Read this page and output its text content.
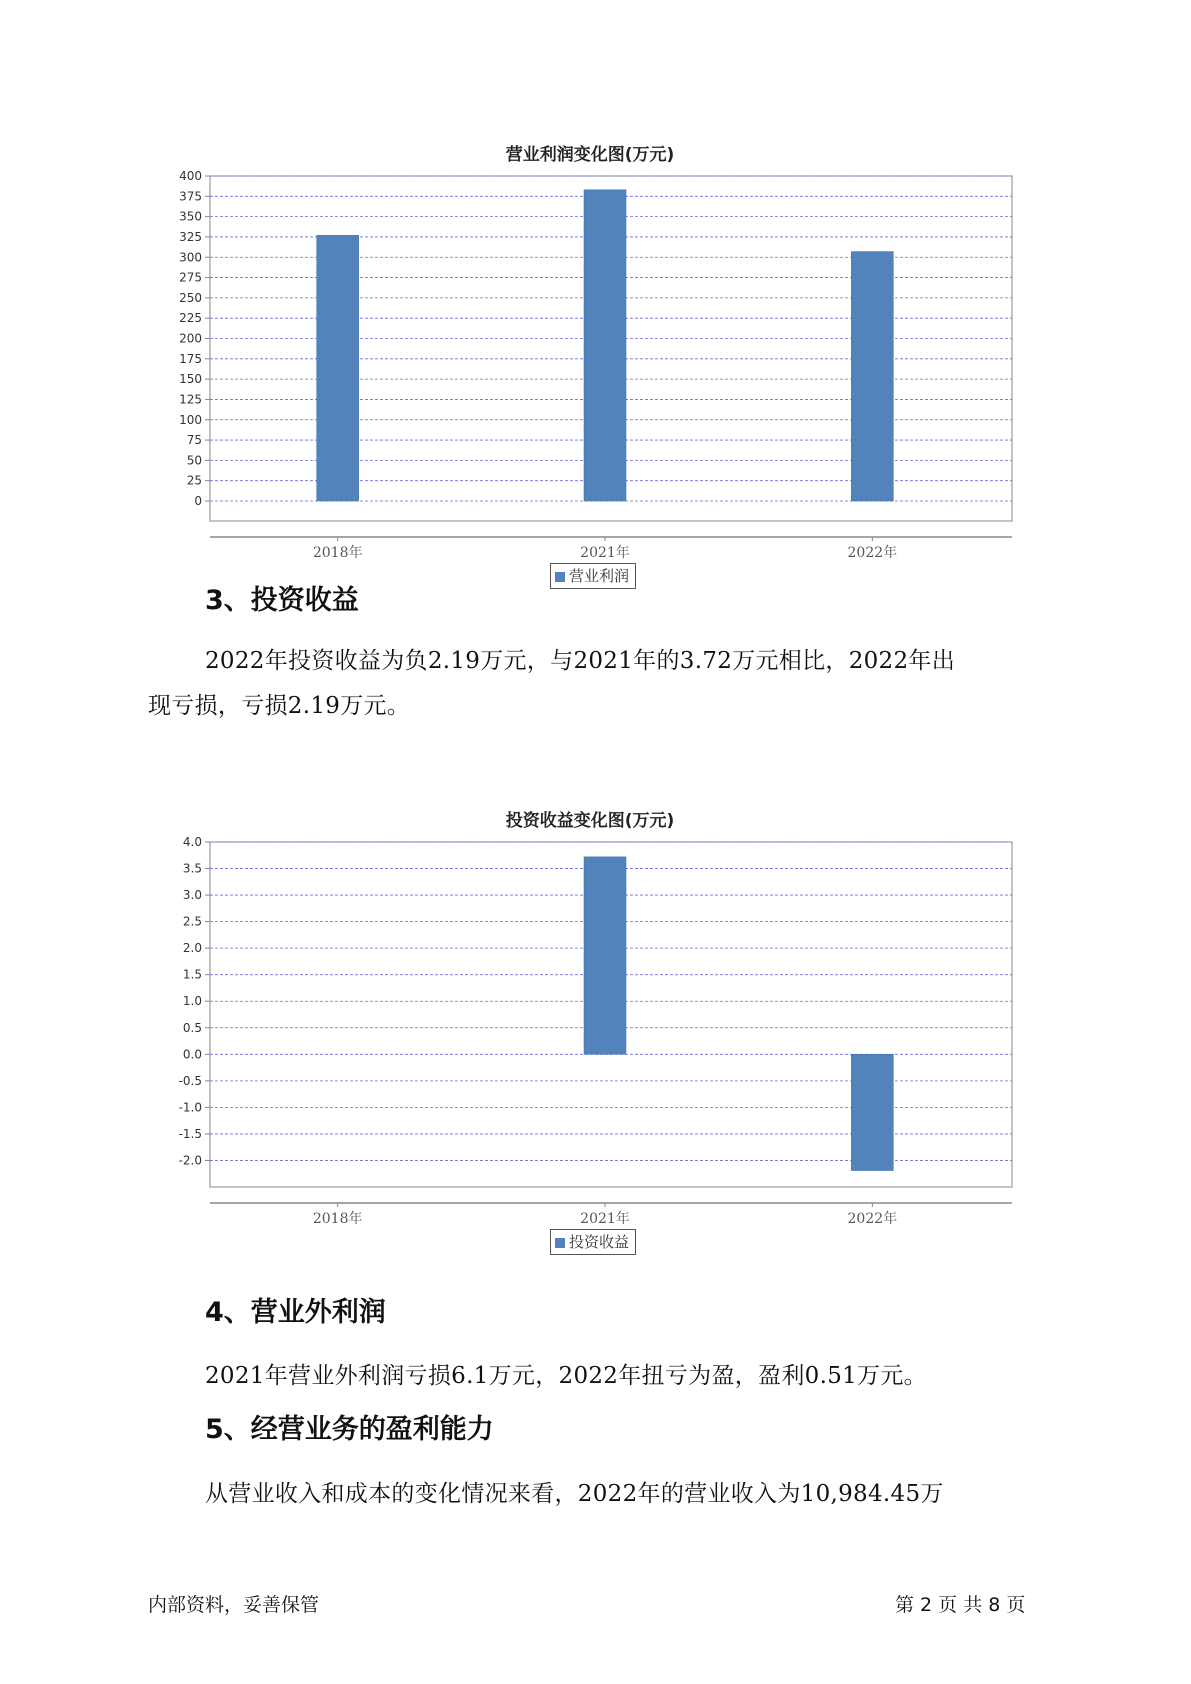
营业利润变化图(万元)
0
25
50
75
100
125
150
175
200
225
250
275
300
325
350
375
400
2018年	2021年	2022年
营业利润
3、投资收益
2022年投资收益为负2.19万元，与2021年的3.72万元相比，2022年出
现亏损，亏损2.19万元。
投资收益变化图(万元)
4.0
3.5
3.0
2.5
2.0
1.5
1.0
0.5
0.0
-0.5
-1.0
-1.5
-2.0
2018年	2021年	2022年
投资收益
4、营业外利润
2021年营业外利润亏损6.1万元，2022年扭亏为盈，盈利0.51万元。
5、经营业务的盈利能力
从营业收入和成本的变化情况来看，2022年的营业收入为10,984.45万
内部资料，妥善保管	第 2 页 共 8 页
